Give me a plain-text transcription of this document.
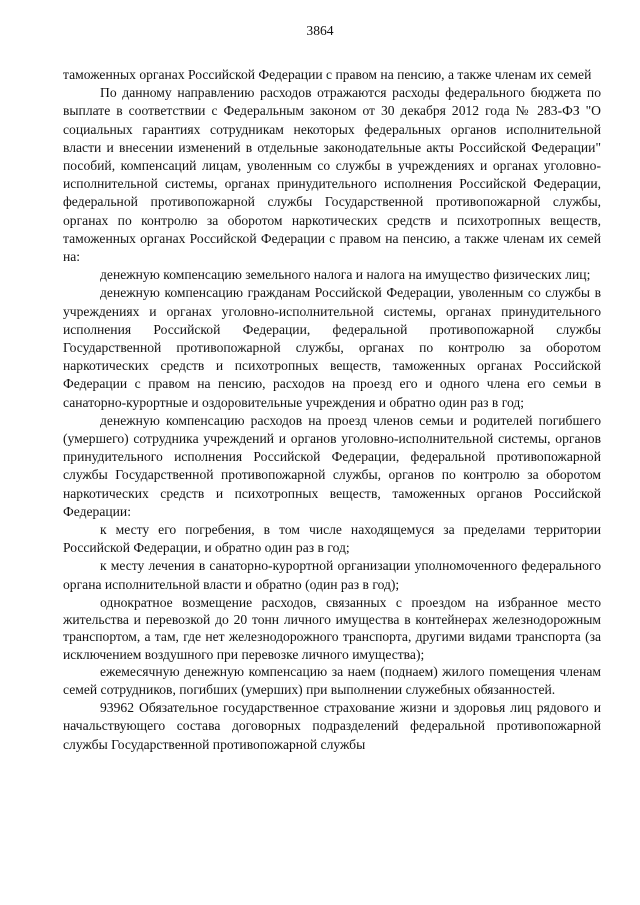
3864

таможенных органах Российской Федерации с правом на пенсию, а также членам их семей

По данному направлению расходов отражаются расходы федерального бюджета по выплате в соответствии с Федеральным законом от 30 декабря 2012 года № 283-ФЗ "О социальных гарантиях сотрудникам некоторых федеральных органов исполнительной власти и внесении изменений в отдельные законодательные акты Российской Федерации" пособий, компенсаций лицам, уволенным со службы в учреждениях и органах уголовно-исполнительной системы, органах принудительного исполнения Российской Федерации, федеральной противопожарной службы Государственной противопожарной службы, органах по контролю за оборотом наркотических средств и психотропных веществ, таможенных органах Российской Федерации с правом на пенсию, а также членам их семей на:

денежную компенсацию земельного налога и налога на имущество физических лиц;

денежную компенсацию гражданам Российской Федерации, уволенным со службы в учреждениях и органах уголовно-исполнительной системы, органах принудительного исполнения Российской Федерации, федеральной противопожарной службы Государственной противопожарной службы, органах по контролю за оборотом наркотических средств и психотропных веществ, таможенных органах Российской Федерации с правом на пенсию, расходов на проезд его и одного члена его семьи в санаторно-курортные и оздоровительные учреждения и обратно один раз в год;

денежную компенсацию расходов на проезд членов семьи и родителей погибшего (умершего) сотрудника учреждений и органов уголовно-исполнительной системы, органов принудительного исполнения Российской Федерации, федеральной противопожарной службы Государственной противопожарной службы, органов по контролю за оборотом наркотических средств и психотропных веществ, таможенных органов Российской Федерации:

к месту его погребения, в том числе находящемуся за пределами территории Российской Федерации, и обратно один раз в год;

к месту лечения в санаторно-курортной организации уполномоченного федерального органа исполнительной власти и обратно (один раз в год);

однократное возмещение расходов, связанных с проездом на избранное место жительства и перевозкой до 20 тонн личного имущества в контейнерах железнодорожным транспортом, а там, где нет железнодорожного транспорта, другими видами транспорта (за исключением воздушного при перевозке личного имущества);

ежемесячную денежную компенсацию за наем (поднаем) жилого помещения членам семей сотрудников, погибших (умерших) при выполнении служебных обязанностей.

93962 Обязательное государственное страхование жизни и здоровья лиц рядового и начальствующего состава договорных подразделений федеральной противопожарной службы Государственной противопожарной службы
